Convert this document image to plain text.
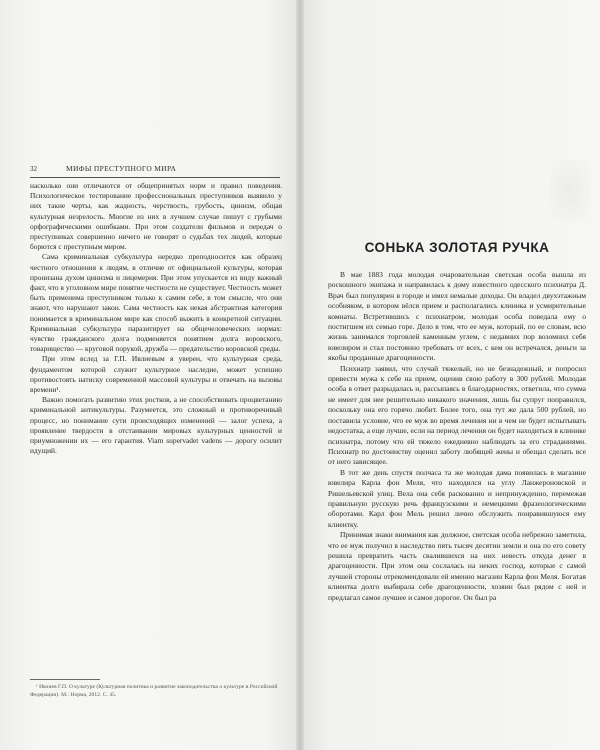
32	МИФЫ ПРЕСТУПНОГО МИРА

насколько они отличаются от общепринятых норм и правил поведения. Психологическое тестирование профессиональных преступников выявило у них такие черты, как жадность, черствость, грубость, цинизм, общая культурная незрелость. Многие из них в лучшем случае пишут с грубыми орфографическими ошибками. При этом создатели фильмов и передач о преступниках совершенно ничего не говорят о судьбах тех людей, которые борются с преступным миром.

Сама криминальная субкультура нередко преподносится как образец честного отношения к людям, в отличие от официальной культуры, которая пронизана духом цинизма и лицемерия. При этом упускается из виду важный факт, что в уголовном мире понятие честности не существует. Честность может быть применима преступником только к самим себе, в том смысле, что они знают, что нарушают закон. Сама честность как некая абстрактная категория понимается в криминальном мире как способ выжить в конкретной ситуации. Криминальная субкультура паразитирует на общечеловеческих нормах: чувство гражданского долга подменяется понятием долга воровского, товарищество — круговой порукой, дружба — предательство воровской среды.

При этом вслед за Г.П. Ивлиевым я уверен, что культурная среда, фундаментом которой служит культурное наследие, может успешно противостоять натиску современной массовой культуры и отвечать на вызовы времени¹.

Важно помогать развитию этих ростков, а не способствовать процветанию криминальной антикультуры. Разумеется, это сложный и противоречивый процесс, но понимание сути происходящих изменений — залог успеха, а проявление твердости в отстаивании мировых культурных ценностей и приумножении их — его гарантия. Viam supervadet vadens — дорогу осилит идущий.

¹ Ивлиев Г.П. О культуре (Культурная политика и развитие законодательства о культуре в Российской Федерации). М.: Норма, 2012. С. 45.
СОНЬКА ЗОЛОТАЯ РУЧКА

В мае 1883 года молодая очаровательная светская особа вышла из роскошного экипажа и направилась к дому известного одесского психиатра Д. Врач был популярен в городе и имел немалые доходы. Он владел двухэтажным особняком, в котором вёлся прием и располагались клиника и усмирительные комнаты. Встретившись с психиатром, молодая особа поведала ему о постигшем их семью горе. Дело в том, что ее муж, который, по ее словам, всю жизнь занимался торговлей каменным углем, с недавних пор возомнил себя ювелиром и стал постоянно требовать от всех, с кем он встречался, деньги за якобы проданные драгоценности.

Психиатр заявил, что случай тяжелый, но не безнадежный, и попросил привести мужа к себе на прием, оценив свою работу в 300 рублей. Молодая особа в ответ разрыдалась и, рассыпаясь в благодарностях, ответила, что сумма не имеет для нее решительно никакого значения, лишь бы супруг поправился, поскольку она его горячо любит. Более того, она тут же дала 500 рублей, но поставила условие, что ее муж во время лечения ни в чем не будет испытывать недостатка, а еще лучше, если на период лечения он будет находиться в клинике психиатра, потому что ей тяжело ежедневно наблюдать за его страданиями. Психиатр по достоинству оценил заботу любящей жены и обещал сделать все от него зависящее.

В тот же день спустя полчаса та же молодая дама появилась в магазине ювелира Карла фон Меля, что находился на углу Ланжероновской и Ришельевской улиц. Вела она себя раскованно и непринужденно, перемежая правильную русскую речь французскими и немецкими фразеологическими оборотами. Карл фон Мель решил лично обслужить понравившуюся ему клиентку.

Принимая знаки внимания как должное, светская особа небрежно заметила, что ее муж получил в наследство пять тысяч десятин земли и она по его совету решила превратить часть свалившихся на них невесть откуда денег в драгоценности. При этом она сослалась на неких господ, которые с самой лучшей стороны отрекомендовали ей именно магазин Карла фон Меля. Богатая клиентка долго выбирала себе драгоценности, хозяин был рядом с ней и предлагал самое лучшее и самое дорогое. Он был ра
